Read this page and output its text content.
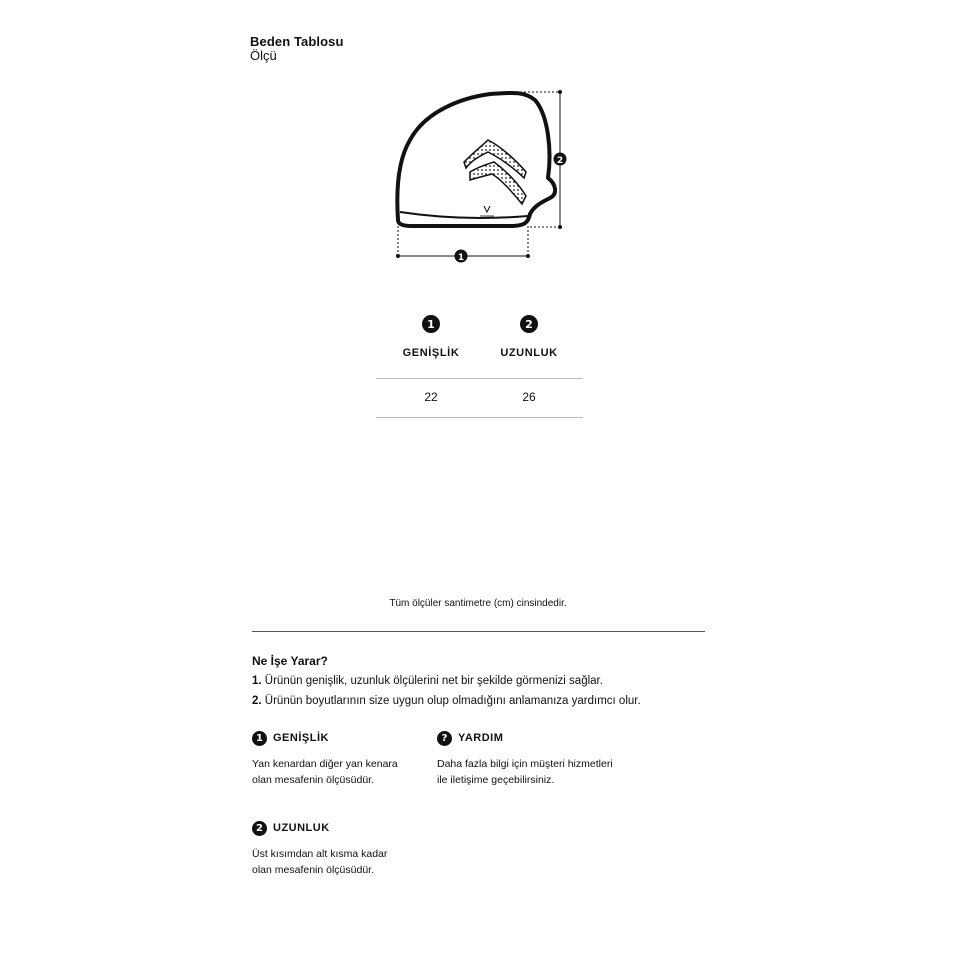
Beden Tablosu
Ölçü
2
1
1	2
GENİŞLİK	UZUNLUK
22	26
Tüm ölçüler santimetre (cm) cinsindedir.
Ne İşe Yarar?
1. Ürünün genişlik, uzunluk ölçülerini net bir şekilde görmenizi sağlar.
2. Ürünün boyutlarının size uygun olup olmadığını anlamanıza yardımcı olur.
1 GENİŞLİK
Yan kenardan diğer yan kenara
olan mesafenin ölçüsüdür.
? YARDIM
Daha fazla bilgi için müşteri hizmetleri
ile iletişime geçebilirsiniz.
2 UZUNLUK
Üst kısımdan alt kısma kadar
olan mesafenin ölçüsüdür.
